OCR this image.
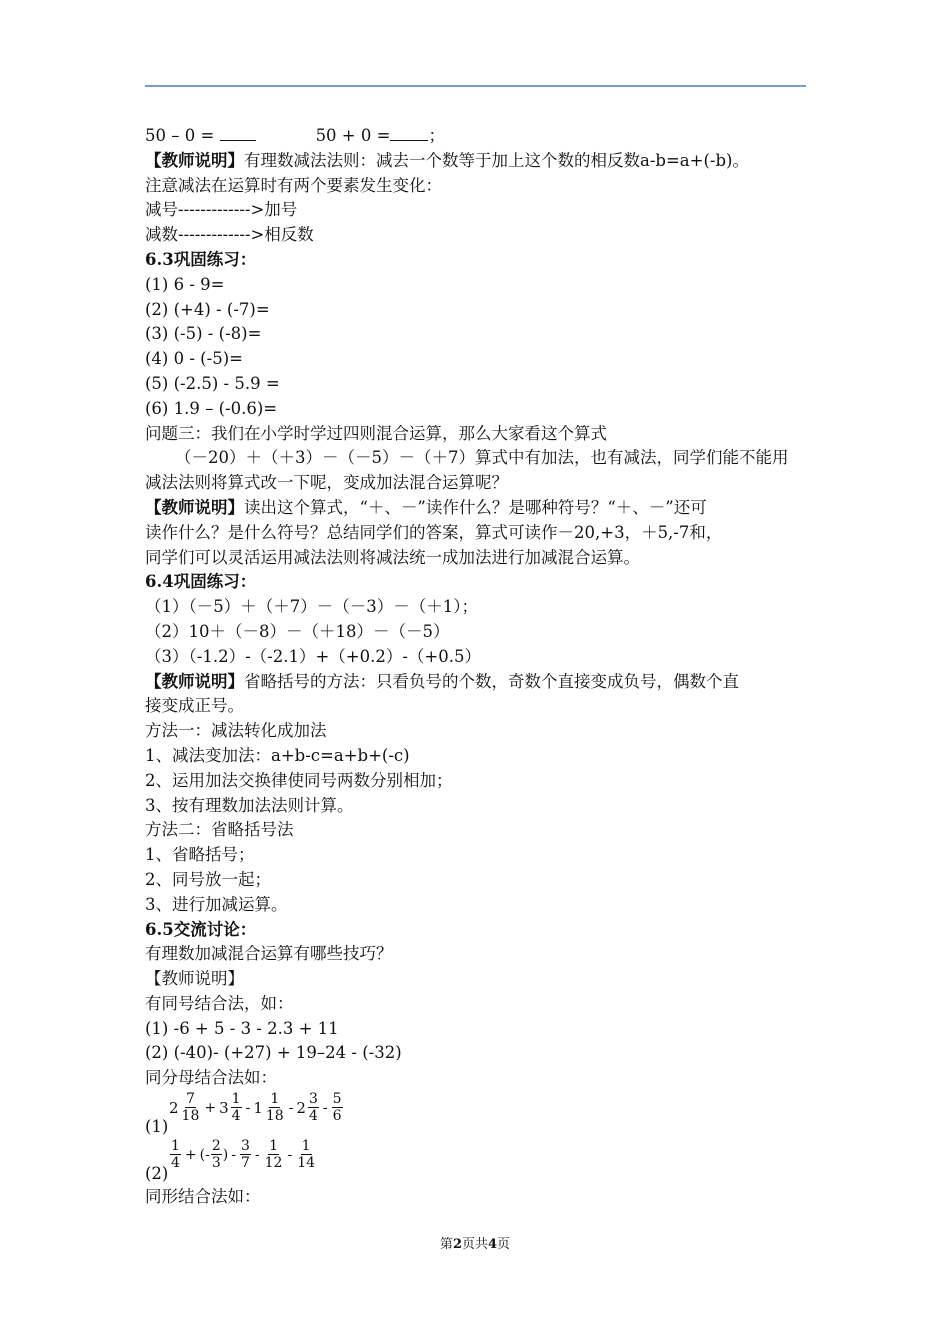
50 – 0 =	50 + 0 = ；
【教师说明】有理数减法法则：减去一个数等于加上这个数的相反数a-b=a+(-b)。
注意减法在运算时有两个要素发生变化：
减号------------->加号
减数------------->相反数
6.3巩固练习：
(1) 6 - 9=
(2) (+4) - (-7)=
(3) (-5) - (-8)=
(4) 0 - (-5)=
(5) (-2.5) - 5.9 =
(6) 1.9 – (-0.6)=
问题三：我们在小学时学过四则混合运算，那么大家看这个算式
（－20）＋（＋3）－（－5）－（＋7）算式中有加法，也有减法，同学们能不能用
减法法则将算式改一下呢，变成加法混合运算呢？
【教师说明】读出这个算式，“＋、－”读作什么？是哪种符号？“＋、－”还可
读作什么？是什么符号？总结同学们的答案，算式可读作－20,+3，＋5,-7和，
同学们可以灵活运用减法法则将减法统一成加法进行加减混合运算。
6.4巩固练习：
（1）（－5）＋（＋7）－（－3）－（＋1）；
（2）10＋（－8）－（＋18）－（－5）
（3）（-1.2）-（-2.1）+（+0.2）-（+0.5）
【教师说明】省略括号的方法：只看负号的个数，奇数个直接变成负号，偶数个直
接变成正号。
方法一：减法转化成加法
1、减法变加法：a+b-c=a+b+(-c)
2、运用加法交换律使同号两数分别相加；
3、按有理数加法法则计算。
方法二：省略括号法
1、省略括号；
2、同号放一起；
3、进行加减运算。
6.5交流讨论：
有理数加减混合运算有哪些技巧？
【教师说明】
有同号结合法，如：
(1) -6 + 5 - 3 - 2.3 + 11
(2) (-40)- (+27) + 19–24 - (-32)
同分母结合法如：
(1)
$2 \frac{7}{18} + 3 \frac{1}{4} - 1 \frac{1}{18} - 2 \frac{3}{4} - \frac{5}{6}$
(2)
$\frac{1}{4}$ + ( - $\frac{2}{3}$ ) - $\frac{3}{7} - \frac{1}{12} - \frac{1}{14}$
同形结合法如：
第2页共4页
